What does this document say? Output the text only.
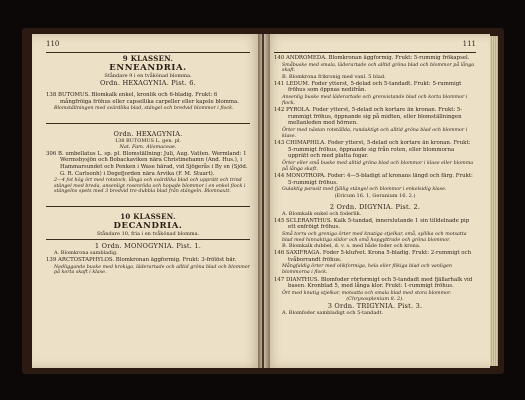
110
9 KLASSEN.
ENNEANDRIA.
Ståndare 9 i en tvåkönad blomma.
Ordn. HEXAGYNIA. Pist. 6.
138 BUTOMUS. Blomkalk enkel, kronlik och 6-bladig. Frukt: 6 mångfröiga fröhus eller capsellika carpeller eller kapsle blomma.
Blomställningen med svärdlika blad, stängel och bredvid blommor i flock.
Ordn. HEXAGYNIA.
138 BUTOMUS L. gen. pl.
Nat. Fam. Alismaceae.
306 B. umbellatus L. sp. pl. Blomställning: Juli, Aug. Vatten. Wermland: 1 Wermsbysjön och Bobackaviken nära Christinehamn (And. Hus.), i Hammarsundet och Penken i Wase härad, vid Sjögerås i By sn (Sjöd. G. R. Carlsonh) i Degefjorden nära Arvika (F. M. Stuart).
2—4 fot hög ört med rotstock, långa och svärdlika blad och upprätt och trind stängel med breda, ansenligt rosenröda och hopade blommor i en enkel flock i stängelns spets med 3 bredvid tre-dubbla blad från stängeln. Blomnaxtt.
10 KLASSEN.
DECANDRIA.
Ståndare 10, fria i en tvåkönad blomma.
1 Ordn. MONOGYNIA. Pist. 1.
A. Blomkrona sambladig.
139 ARCTOSTAPHYLOS. Blomkronan äggformig. Frukt: 3-frölöst bär.
Nedliggande buske med krokiga, läderartade och alltid gröna blad och blommor på korta skaft i klase.
111
140 ANDROMEDA. Blomkronan äggformig. Frukt: 5-rummig frökapsel.
Småbuske med smala, läderartade och alltid gröna blad och blommor på långa skaft.
B. Blomkrona frikronig med vanl. 5 blad.
141 LEDUM. Foder ytterst, 5-delad och 5-tandadt. Frukt: 5-rummigt fröhus som öppnas nedifrån.
Ansenlig buske med läderartade och grenvistande blad och korta blommor i flock.
142 PYROLA. Foder ytterst, 5-delad och kortare än kronan. Frukt: 5-rummigt fröhus, öppnande sig på midten, eller blomställningen mellanleden med hörnen.
Örter med nästan rotställda, rundaktigt och alltid gröna blad och blommor i klase.
143 CHIMAPHILA. Foder ytterst, 5-delad och kortare än kronan. Frukt: 5-rummigt fröhus, öppnande sig från roten, eller blommorna upprätt och med platta fogar.
Örter eller små buske med alltid gröna blad och blommor i klase eller blomma på långa skaft.
144 MONOTROPA. Foder: 4—5-bladigt af kronans längd och färg. Frukt: 5-rummigt fröhus.
Gulaktig parasit med fjällig stängel och blommor i enkelsidig klase.
(Ericum 16. 1, Geranium 16. 2.)
2 Ordn. DIGYNIA. Pist. 2.
A. Blomkalk enkel och foderlik.
145 SCLERANTHUS. Kalk 5-tandad, innerslutande 1 sin tilldelnade pip ett enfröigt fröhus.
Små torra och greniga örter med knutiga stjelkar, små, syllika och motsatta blad med hinnaktiga slidor och små hopgyttrade och gröna blommor.
B. Blomkalk dubbel, d. v. s. med både foder och krona.
146 SAXIFRAGA. Foder 5-klufvet. Krona 5-bladig. Frukt: 2-rummigt och tvåborrandt fröhus.
Mångfaldig örter med olikformiga, hela eller flikiga blad och vanligen blommorna i flock.
147 DIANTHUS. Blomfoder rörformigt och 5-tandadt med fjällarhalk vid basen. Kronblad 5, med långa klor. Frukt: 1-rummigt fröhus.
Ört med knutig stjelkar, motsatta och smala blad med stora blommor.
(Chrysosplenium 8. 2).
3 Ordn. TRIGYNIA. Pist. 3.
A. Blomfoder sambladigt och 5-tandadt.
